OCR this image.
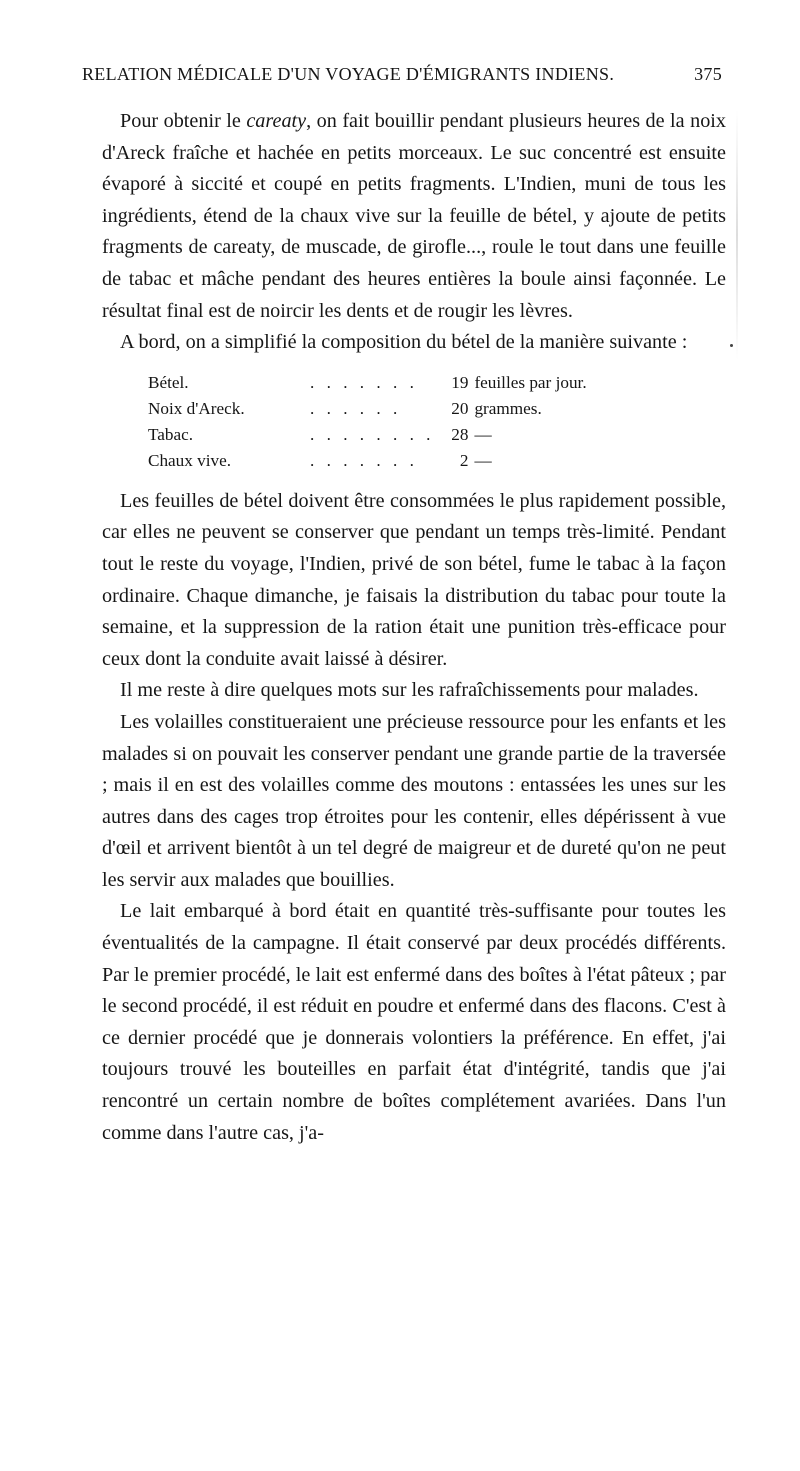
RELATION MÉDICALE D'UN VOYAGE D'ÉMIGRANTS INDIENS.	375

Pour obtenir le careaty, on fait bouillir pendant plusieurs heures de la noix d'Areck fraîche et hachée en petits morceaux. Le suc concentré est ensuite évaporé à siccité et coupé en petits fragments. L'Indien, muni de tous les ingrédients, étend de la chaux vive sur la feuille de bétel, y ajoute de petits fragments de careaty, de muscade, de girofle..., roule le tout dans une feuille de tabac et mâche pendant des heures entières la boule ainsi façonnée. Le résultat final est de noircir les dents et de rougir les lèvres.

A bord, on a simplifié la composition du bétel de la manière suivante :

Bétel.	. . . . . . .	19	feuilles par jour.
Noix d'Areck.	. . . . . .	20	grammes.
Tabac.	. . . . . . . .	28	—
Chaux vive.	. . . . . . .	2	—

Les feuilles de bétel doivent être consommées le plus rapidement possible, car elles ne peuvent se conserver que pendant un temps très-limité. Pendant tout le reste du voyage, l'Indien, privé de son bétel, fume le tabac à la façon ordinaire. Chaque dimanche, je faisais la distribution du tabac pour toute la semaine, et la suppression de la ration était une punition très-efficace pour ceux dont la conduite avait laissé à désirer.

Il me reste à dire quelques mots sur les rafraîchissements pour malades.

Les volailles constitueraient une précieuse ressource pour les enfants et les malades si on pouvait les conserver pendant une grande partie de la traversée ; mais il en est des volailles comme des moutons : entassées les unes sur les autres dans des cages trop étroites pour les contenir, elles dépérissent à vue d'œil et arrivent bientôt à un tel degré de maigreur et de dureté qu'on ne peut les servir aux malades que bouillies.

Le lait embarqué à bord était en quantité très-suffisante pour toutes les éventualités de la campagne. Il était conservé par deux procédés différents. Par le premier procédé, le lait est enfermé dans des boîtes à l'état pâteux ; par le second procédé, il est réduit en poudre et enfermé dans des flacons. C'est à ce dernier procédé que je donnerais volontiers la préférence. En effet, j'ai toujours trouvé les bouteilles en parfait état d'intégrité, tandis que j'ai rencontré un certain nombre de boîtes complétement avariées. Dans l'un comme dans l'autre cas, j'a-
